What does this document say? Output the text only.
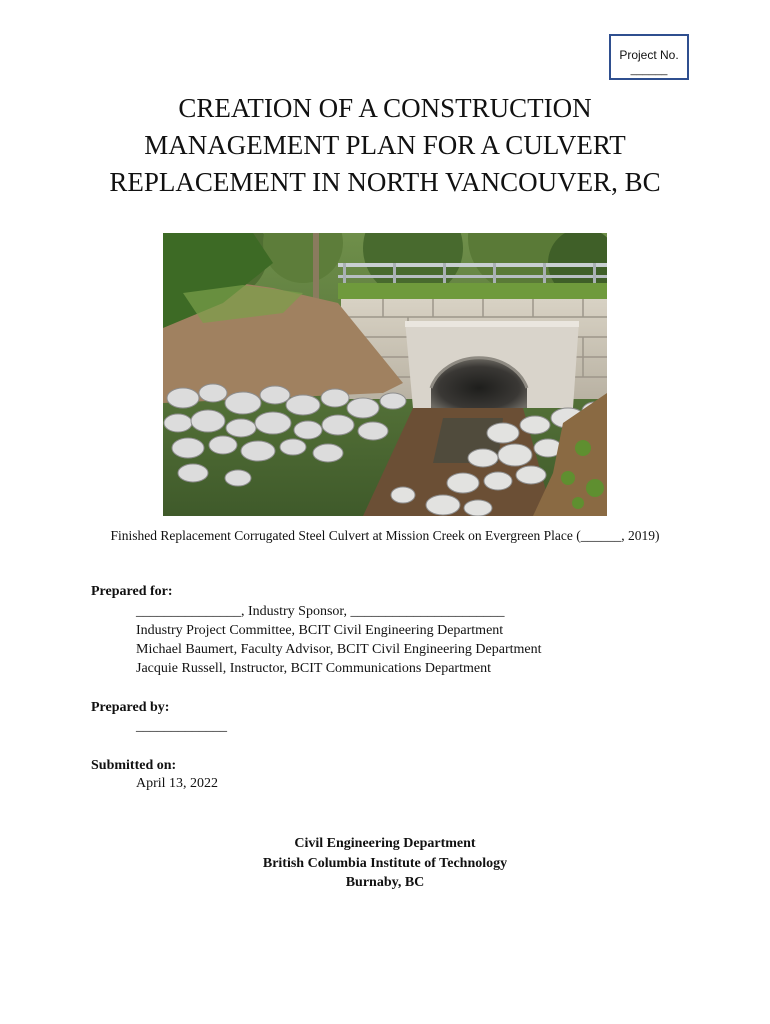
Project No.
______
CREATION OF A CONSTRUCTION
MANAGEMENT PLAN FOR A CULVERT
REPLACEMENT IN NORTH VANCOUVER, BC
Finished Replacement Corrugated Steel Culvert at Mission Creek on Evergreen Place (______, 2019)
Prepared for:
_______________, Industry Sponsor, ______________________
Industry Project Committee, BCIT Civil Engineering Department
Michael Baumert, Faculty Advisor, BCIT Civil Engineering Department
Jacquie Russell, Instructor, BCIT Communications Department
Prepared by:
_____________
Submitted on:
April 13, 2022
Civil Engineering Department
British Columbia Institute of Technology
Burnaby, BC
